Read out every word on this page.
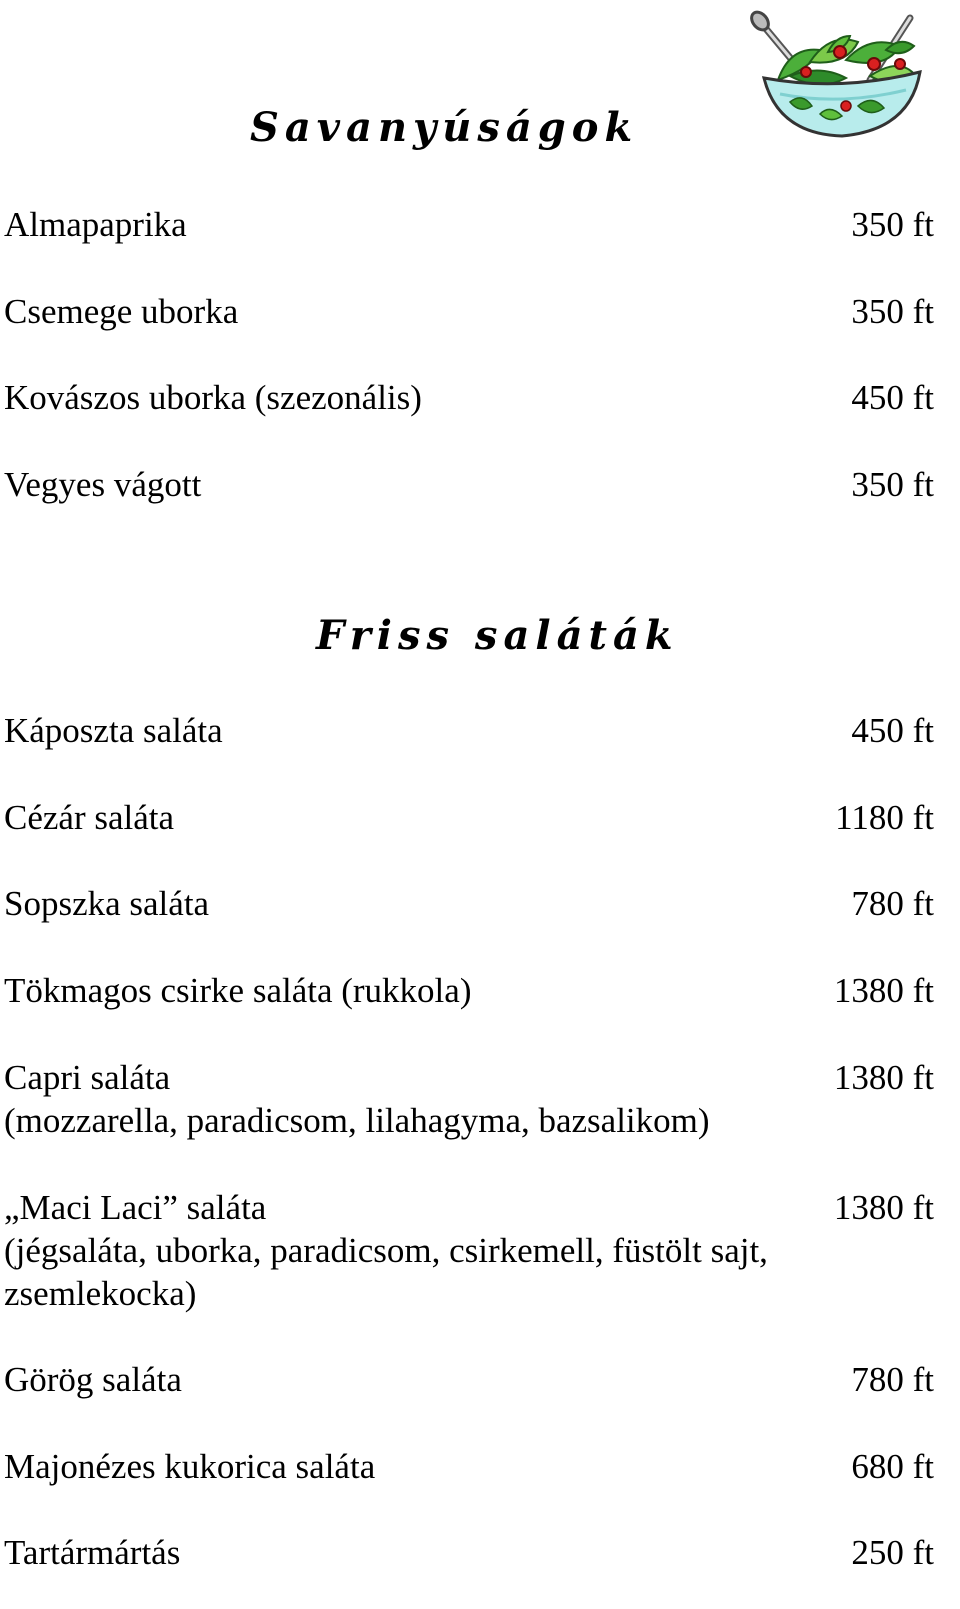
Savanyúságok
Almapaprika	350 ft
Csemege uborka	350 ft
Kovászos uborka (szezonális)	450 ft
Vegyes vágott	350 ft
Friss saláták
Káposzta saláta	450 ft
Cézár saláta	1180 ft
Sopszka saláta	780 ft
Tökmagos csirke saláta (rukkola)	1380 ft
Capri saláta	1380 ft
(mozzarella, paradicsom, lilahagyma, bazsalikom)
„Maci Laci” saláta	1380 ft
(jégsaláta, uborka, paradicsom, csirkemell, füstölt sajt,
zsemlekocka)
Görög saláta	780 ft
Majonézes kukorica saláta	680 ft
Tartármártás	250 ft
